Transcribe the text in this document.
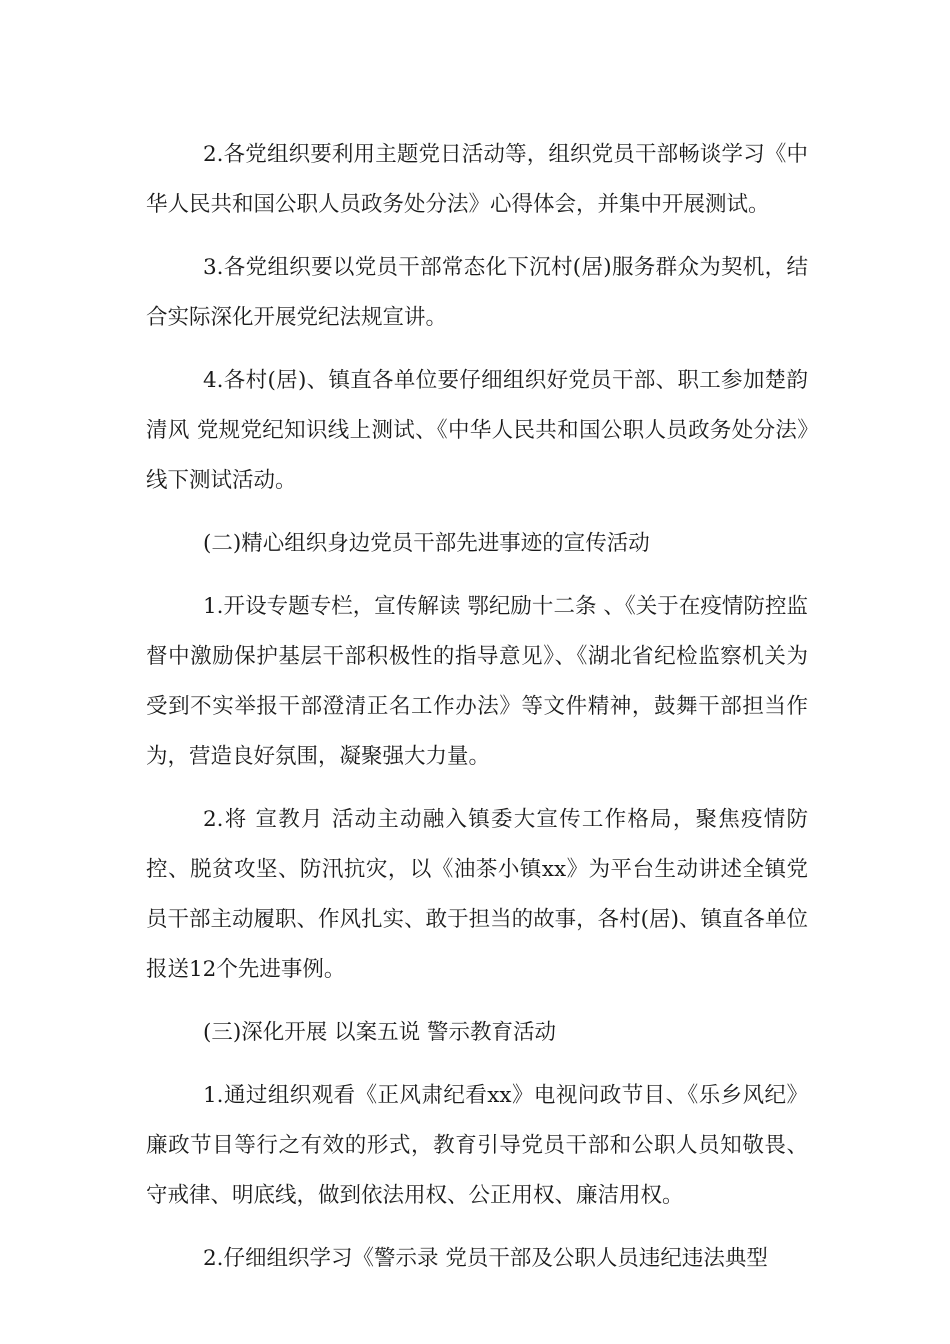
2.各党组织要利用主题党日活动等，组织党员干部畅谈学习《中华人民共和国公职人员政务处分法》心得体会，并集中开展测试。

3.各党组织要以党员干部常态化下沉村(居)服务群众为契机，结合实际深化开展党纪法规宣讲。

4.各村(居)、镇直各单位要仔细组织好党员干部、职工参加楚韵 清风 党规党纪知识线上测试、《中华人民共和国公职人员政务处分法》线下测试活动。

(二)精心组织身边党员干部先进事迹的宣传活动

1.开设专题专栏，宣传解读 鄂纪励十二条 、《关于在疫情防控监督中激励保护基层干部积极性的指导意见》、《湖北省纪检监察机关为受到不实举报干部澄清正名工作办法》等文件精神，鼓舞干部担当作为，营造良好氛围，凝聚强大力量。

2.将 宣教月 活动主动融入镇委大宣传工作格局，聚焦疫情防控、脱贫攻坚、防汛抗灾，以《油茶小镇xx》为平台生动讲述全镇党员干部主动履职、作风扎实、敢于担当的故事，各村(居)、镇直各单位报送12个先进事例。

(三)深化开展 以案五说 警示教育活动

1.通过组织观看《正风肃纪看xx》电视问政节目、《乐乡风纪》廉政节目等行之有效的形式，教育引导党员干部和公职人员知敬畏、守戒律、明底线，做到依法用权、公正用权、廉洁用权。

2.仔细组织学习《警示录 党员干部及公职人员违纪违法典型
